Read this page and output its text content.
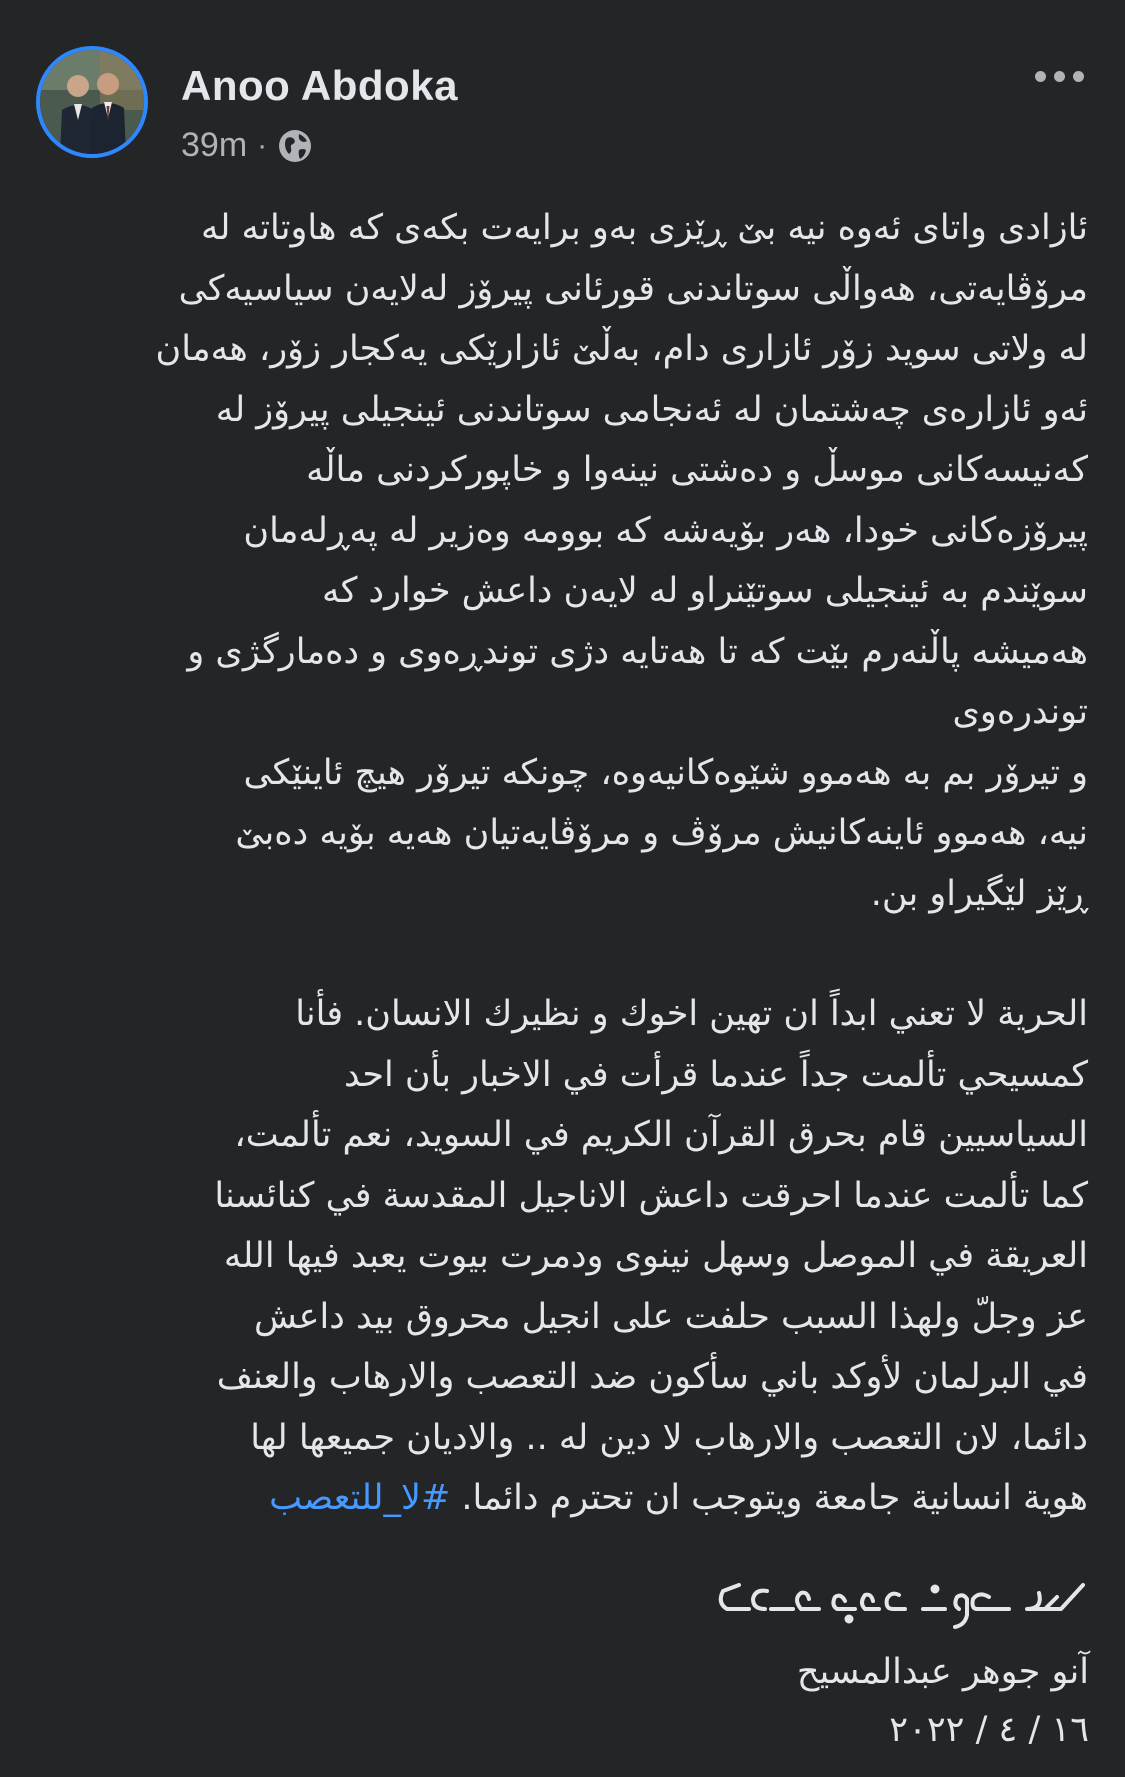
Anoo Abdoka
39m ·

ئازادی واتای ئەوە نیە بێ ڕێزی بەو برایەت بکەی کە هاوتاتە لە
مرۆڤایەتی، هەواڵی سوتاندنی قورئانی پیرۆز لەلایەن سیاسیەکی
لە ولاتی سوید زۆر ئازاری دام، بەڵێ ئازارێکی یەکجار زۆر، هەمان
ئەو ئازارەی چەشتمان لە ئەنجامی سوتاندنی ئینجیلی پیرۆز لە
کەنیسەکانی موسڵ و دەشتی نینەوا و خاپورکردنی ماڵە
پیرۆزەکانی خودا، هەر بۆیەشە کە بوومە وەزیر لە پەڕلەمان
سوێندم بە ئینجیلی سوتێنراو لە لایەن داعش خوارد کە
هەمیشە پاڵنەرم بێت کە تا هەتایە دژی توندڕەوی و دەمارگژی و
توندرەوی

و تیرۆر بم بە هەموو شێوەکانیەوە، چونکە تیرۆر هیچ ئاینێکی
نیە، هەموو ئاینەکانیش مرۆڤ و مرۆڤایەتیان هەیە بۆیە دەبێ
ڕێز لێگیراو بن.

الحرية لا تعني ابداً ان تهين اخوك و نظيرك الانسان. فأنا
كمسيحي تألمت جداً عندما قرأت في الاخبار بأن احد
السياسيين قام بحرق القرآن الكريم في السويد، نعم تألمت،
كما تألمت عندما احرقت داعش الاناجيل المقدسة في كنائسنا
العريقة في الموصل وسهل نينوى ودمرت بيوت يعبد فيها الله
عز وجلّ ولهذا السبب حلفت على انجيل محروق بيد داعش
في البرلمان لأوكد باني سأكون ضد التعصب والارهاب والعنف
دائما، لان التعصب والارهاب لا دين له .. والاديان جميعها لها
هوية انسانية جامعة ويتوجب ان تحترم دائما. #لا_للتعصب

آنو جوهر عبدالمسيح
١٦ / ٤ / ٢٠٢٢
